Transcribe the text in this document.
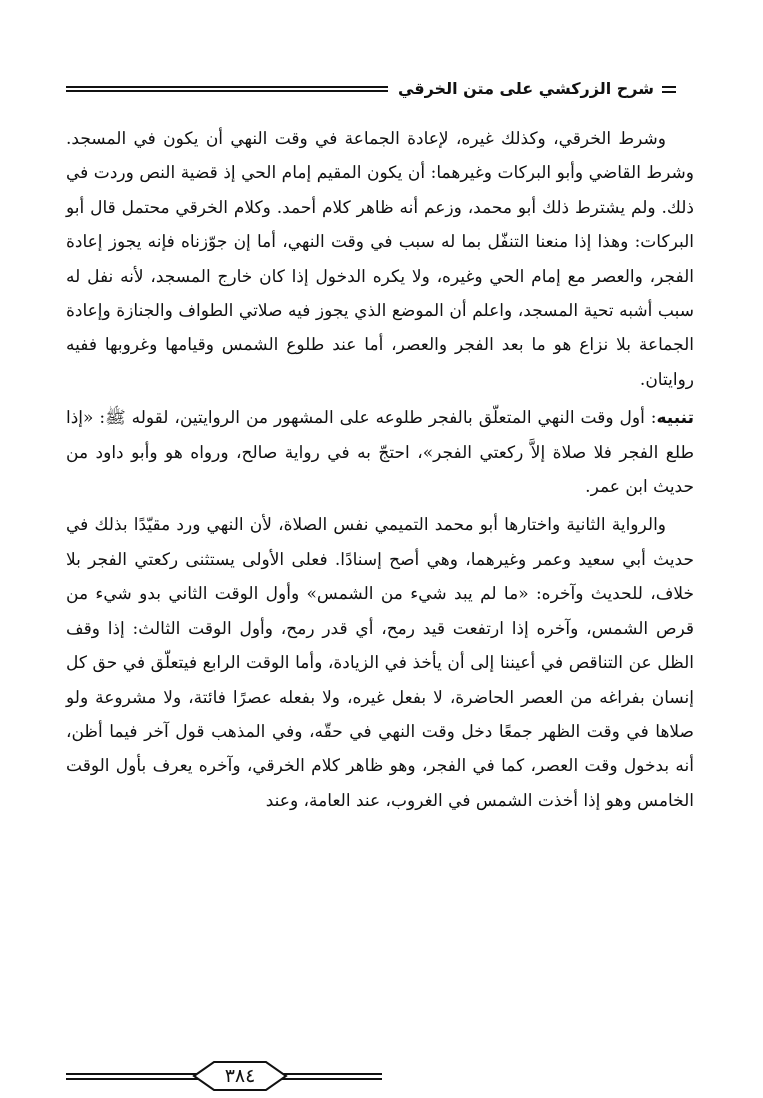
شرح الزركشي على متن الخرقي

وشرط الخرقي، وكذلك غيره، لإعادة الجماعة في وقت النهي أن يكون في المسجد. وشرط القاضي وأبو البركات وغيرهما: أن يكون المقيم إمام الحي إذ قضية النص وردت في ذلك. ولم يشترط ذلك أبو محمد، وزعم أنه ظاهر كلام أحمد. وكلام الخرقي محتمل قال أبو البركات: وهذا إذا منعنا التنفّل بما له سبب في وقت النهي، أما إن جوّزناه فإنه يجوز إعادة الفجر، والعصر مع إمام الحي وغيره، ولا يكره الدخول إذا كان خارج المسجد، لأنه نفل له سبب أشبه تحية المسجد، واعلم أن الموضع الذي يجوز فيه صلاتي الطواف والجنازة وإعادة الجماعة بلا نزاع هو ما بعد الفجر والعصر، أما عند طلوع الشمس وقيامها وغروبها ففيه روايتان.

تنبيه: أول وقت النهي المتعلّق بالفجر طلوعه على المشهور من الروايتين، لقوله ﷺ: «إذا طلع الفجر فلا صلاة إلاَّ ركعتي الفجر»، احتجّ به في رواية صالح، ورواه هو وأبو داود من حديث ابن عمر.

والرواية الثانية واختارها أبو محمد التميمي نفس الصلاة، لأن النهي ورد مقيّدًا بذلك في حديث أبي سعيد وعمر وغيرهما، وهي أصح إسنادًا. فعلى الأولى يستثنى ركعتي الفجر بلا خلاف، للحديث وآخره: «ما لم يبد شيء من الشمس» وأول الوقت الثاني بدو شيء من قرص الشمس، وآخره إذا ارتفعت قيد رمح، أي قدر رمح، وأول الوقت الثالث: إذا وقف الظل عن التناقص في أعيننا إلى أن يأخذ في الزيادة، وأما الوقت الرابع فيتعلّق في حق كل إنسان بفراغه من العصر الحاضرة، لا بفعل غيره، ولا بفعله عصرًا فائتة، ولا مشروعة ولو صلاها في وقت الظهر جمعًا دخل وقت النهي في حقّه، وفي المذهب قول آخر فيما أظن، أنه بدخول وقت العصر، كما في الفجر، وهو ظاهر كلام الخرقي، وآخره يعرف بأول الوقت الخامس وهو إذا أخذت الشمس في الغروب، عند العامة، وعند

٣٨٤
